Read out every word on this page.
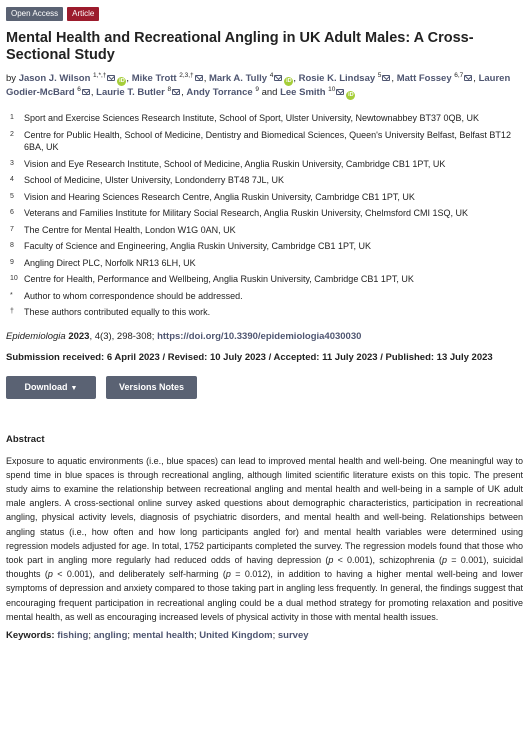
Open Access	Article
Mental Health and Recreational Angling in UK Adult Males: A Cross-Sectional Study
by Jason J. Wilson $^{1,*,\dagger}$iD , Mike Trott $^{2,3,\dagger}$ , Mark A. Tully $^4$iD , Rosie K. Lindsay $^5$ , Matt Fossey $^{6,7}$ , Lauren Godier-McBard $^6$ , Laurie T. Butler $^8$ , Andy Torrance $^9$ and Lee Smith $^{10}$iD
1	Sport and Exercise Sciences Research Institute, School of Sport, Ulster University, Newtownabbey BT37 0QB, UK
2	Centre for Public Health, School of Medicine, Dentistry and Biomedical Sciences, Queen's University Belfast, Belfast BT12 6BA, UK
3	Vision and Eye Research Institute, School of Medicine, Anglia Ruskin University, Cambridge CB1 1PT, UK
4	School of Medicine, Ulster University, Londonderry BT48 7JL, UK
5	Vision and Hearing Sciences Research Centre, Anglia Ruskin University, Cambridge CB1 1PT, UK
6	Veterans and Families Institute for Military Social Research, Anglia Ruskin University, Chelmsford CMI 1SQ, UK
7	The Centre for Mental Health, London W1G 0AN, UK
8	Faculty of Science and Engineering, Anglia Ruskin University, Cambridge CB1 1PT, UK
9	Angling Direct PLC, Norfolk NR13 6LH, UK
10 Centre for Health, Performance and Wellbeing, Anglia Ruskin University, Cambridge CB1 1PT, UK
*	Author to whom correspondence should be addressed.
†	These authors contributed equally to this work.
Epidemiologia 2023, 4(3), 298-308; https://doi.org/10.3390/epidemiologia4030030
Submission received: 6 April 2023 / Revised: 10 July 2023 / Accepted: 11 July 2023 / Published: 13 July 2023
Download ▼	Versions Notes
Abstract
Exposure to aquatic environments (i.e., blue spaces) can lead to improved mental health and well-being. One meaningful way to spend time in blue spaces is through recreational angling, although limited scientific literature exists on this topic. The present study aims to examine the relationship between recreational angling and mental health and well-being in a sample of UK adult male anglers. A cross-sectional online survey asked questions about demographic characteristics, participation in recreational angling, physical activity levels, diagnosis of psychiatric disorders, and mental health and well-being. Relationships between angling status (i.e., how often and how long participants angled for) and mental health variables were determined using regression models adjusted for age. In total, 1752 participants completed the survey. The regression models found that those who took part in angling more regularly had reduced odds of having depression (p < 0.001), schizophrenia (p = 0.001), suicidal thoughts (p < 0.001), and deliberately self-harming (p = 0.012), in addition to having a higher mental well-being and lower symptoms of depression and anxiety compared to those taking part in angling less frequently. In general, the findings suggest that encouraging frequent participation in recreational angling could be a dual method strategy for promoting relaxation and positive mental health, as well as encouraging increased levels of physical activity in those with mental health issues.
Keywords: fishing; angling; mental health; United Kingdom; survey
